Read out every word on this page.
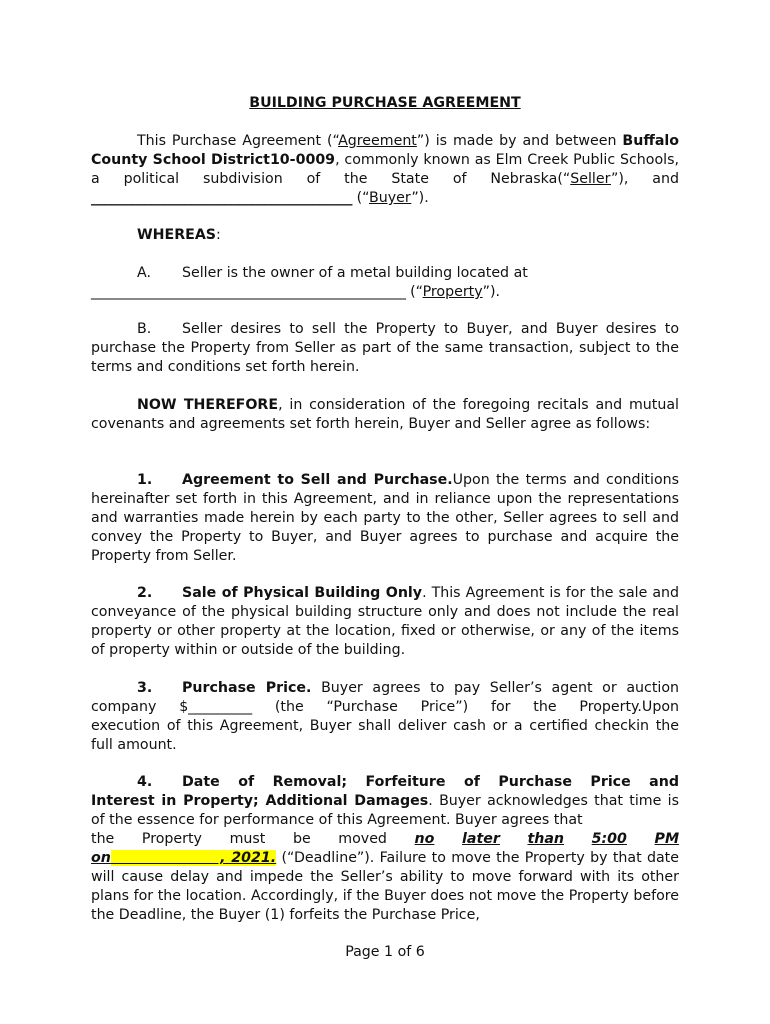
BUILDING PURCHASE AGREEMENT
This Purchase Agreement (“Agreement”) is made by and between Buffalo County School District10-0009, commonly known as Elm Creek Public Schools, a political subdivision of the State of Nebraska(“Seller”), and _______________________________________ (“Buyer”).
WHEREAS:
A. Seller is the owner of a metal building located at
_______________________________________________ (“Property”).
B. Seller desires to sell the Property to Buyer, and Buyer desires to
purchase the Property from Seller as part of the same transaction, subject to the terms and conditions set forth herein.
NOW THEREFORE, in consideration of the foregoing recitals and mutual covenants and agreements set forth herein, Buyer and Seller agree as follows:
1. Agreement to Sell and Purchase.Upon the terms and conditions hereinafter set forth in this Agreement, and in reliance upon the representations and warranties made herein by each party to the other, Seller agrees to sell and convey the Property to Buyer, and Buyer agrees to purchase and acquire the Property from Seller.
2. Sale of Physical Building Only. This Agreement is for the sale and conveyance of the physical building structure only and does not include the real property or other property at the location, fixed or otherwise, or any of the items of property within or outside of the building.
3. Purchase Price. Buyer agrees to pay Seller’s agent or auction
company $_________ (the “Purchase Price”) for the Property.Upon
execution of this Agreement, Buyer shall deliver cash or a certified checkin the full amount.
4. Date of Removal; Forfeiture of Purchase Price and
Interest in Property; Additional Damages. Buyer acknowledges that time is of the essence for performance of this Agreement. Buyer agrees that
the Property must be moved no later than 5:00 PM
on                   , 2021. (“Deadline”). Failure to move the Property by that date will cause delay and impede the Seller’s ability to move forward with its other plans for the location. Accordingly, if the Buyer does not move the Property before the Deadline, the Buyer (1) forfeits the Purchase Price,
Page 1 of 6
